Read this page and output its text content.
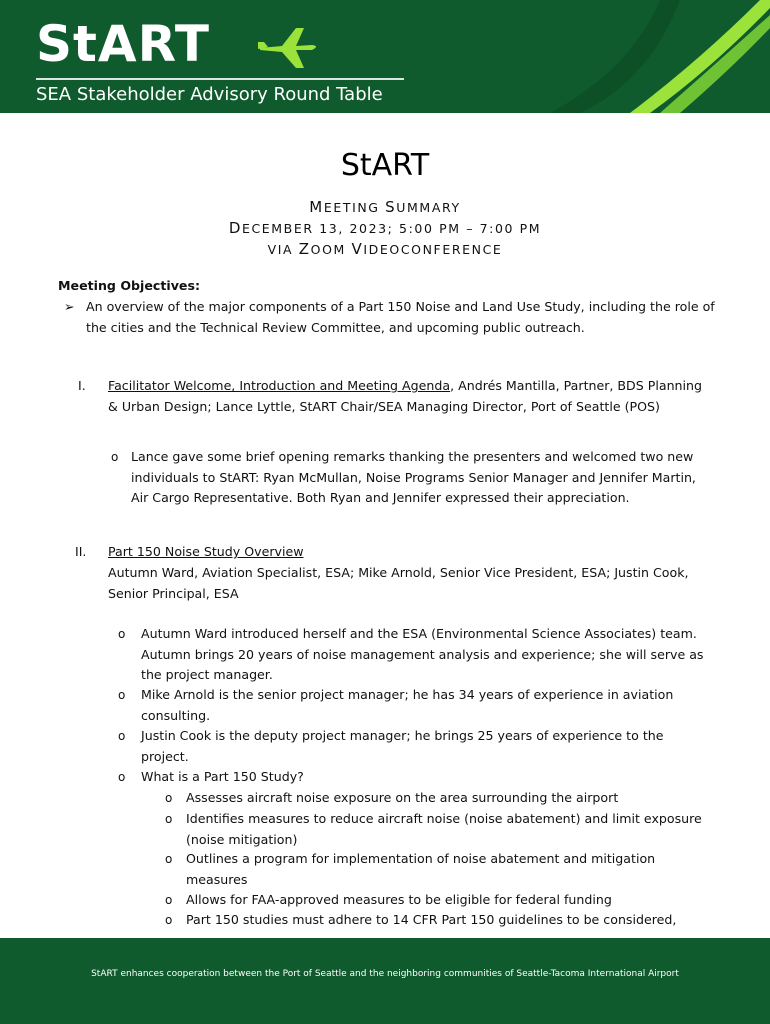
StART
SEA Stakeholder Advisory Round Table
StART
MEETING SUMMARY
DECEMBER 13, 2023; 5:00 PM – 7:00 PM
VIA ZOOM VIDEOCONFERENCE
Meeting Objectives:
➢ An overview of the major components of a Part 150 Noise and Land Use Study, including the role of the cities and the Technical Review Committee, and upcoming public outreach.
I. Facilitator Welcome, Introduction and Meeting Agenda, Andrés Mantilla, Partner, BDS Planning & Urban Design; Lance Lyttle, StART Chair/SEA Managing Director, Port of Seattle (POS)
o Lance gave some brief opening remarks thanking the presenters and welcomed two new individuals to StART: Ryan McMullan, Noise Programs Senior Manager and Jennifer Martin, Air Cargo Representative. Both Ryan and Jennifer expressed their appreciation.
II. Part 150 Noise Study Overview
Autumn Ward, Aviation Specialist, ESA; Mike Arnold, Senior Vice President, ESA; Justin Cook, Senior Principal, ESA
o Autumn Ward introduced herself and the ESA (Environmental Science Associates) team. Autumn brings 20 years of noise management analysis and experience; she will serve as the project manager.
o Mike Arnold is the senior project manager; he has 34 years of experience in aviation consulting.
o Justin Cook is the deputy project manager; he brings 25 years of experience to the project.
o What is a Part 150 Study?
o Assesses aircraft noise exposure on the area surrounding the airport
o Identifies measures to reduce aircraft noise (noise abatement) and limit exposure (noise mitigation)
o Outlines a program for implementation of noise abatement and mitigation measures
o Allows for FAA-approved measures to be eligible for federal funding
o Part 150 studies must adhere to 14 CFR Part 150 guidelines to be considered,
StART enhances cooperation between the Port of Seattle and the neighboring communities of Seattle-Tacoma International Airport
